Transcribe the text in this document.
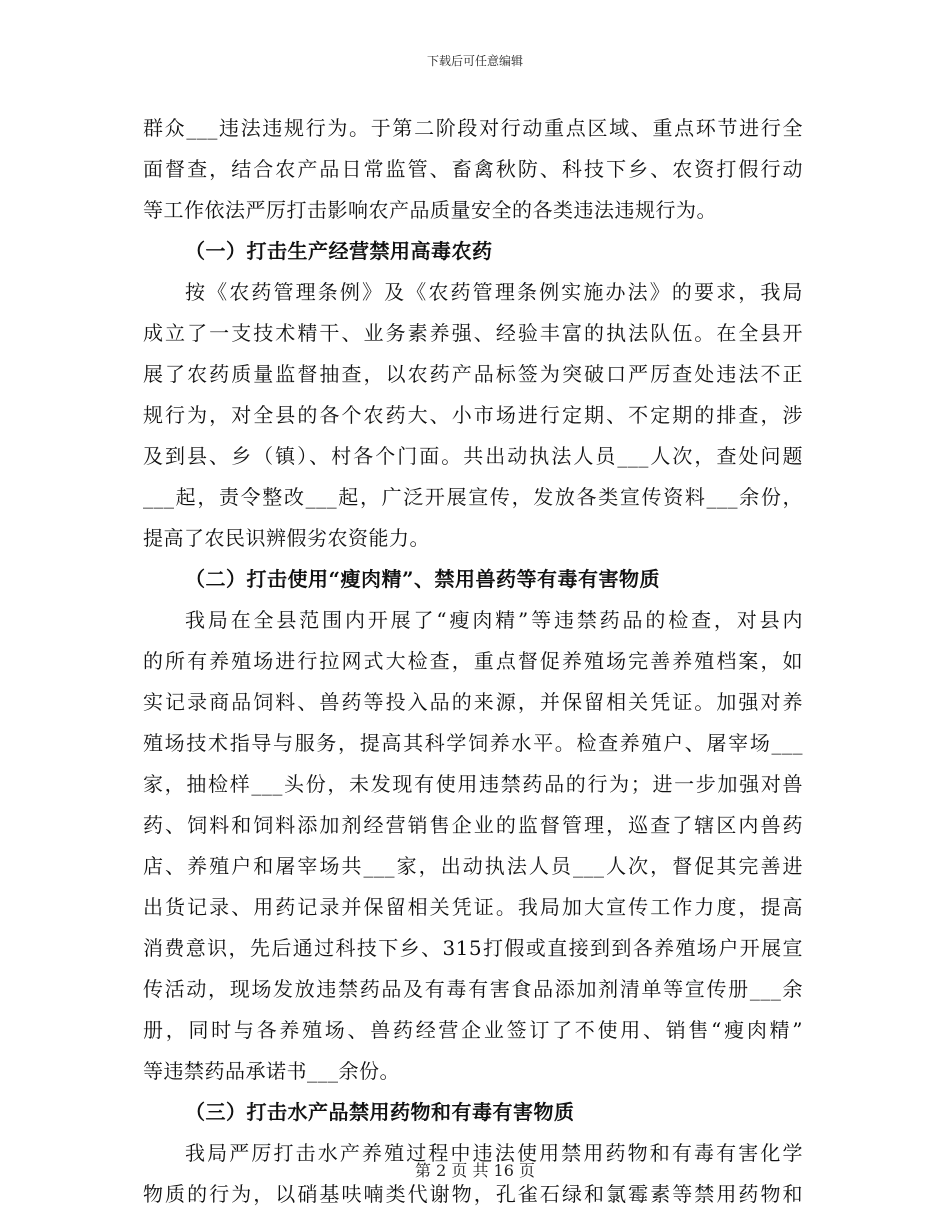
下载后可任意编辑
群众___违法违规行为。于第二阶段对行动重点区域、重点环节进行全
面督查，结合农产品日常监管、畜禽秋防、科技下乡、农资打假行动
等工作依法严厉打击影响农产品质量安全的各类违法违规行为。
（一）打击生产经营禁用高毒农药
按《农药管理条例》及《农药管理条例实施办法》的要求，我局
成立了一支技术精干、业务素养强、经验丰富的执法队伍。在全县开
展了农药质量监督抽查，以农药产品标签为突破口严厉查处违法不正
规行为，对全县的各个农药大、小市场进行定期、不定期的排查，涉
及到县、乡（镇）、村各个门面。共出动执法人员___人次，查处问题
___起，责令整改___起，广泛开展宣传，发放各类宣传资料___余份，
提高了农民识辨假劣农资能力。
（二）打击使用“瘦肉精”、禁用兽药等有毒有害物质
我局在全县范围内开展了“瘦肉精”等违禁药品的检查，对县内
的所有养殖场进行拉网式大检查，重点督促养殖场完善养殖档案，如
实记录商品饲料、兽药等投入品的来源，并保留相关凭证。加强对养
殖场技术指导与服务，提高其科学饲养水平。检查养殖户、屠宰场___
家，抽检样___头份，未发现有使用违禁药品的行为；进一步加强对兽
药、饲料和饲料添加剂经营销售企业的监督管理，巡查了辖区内兽药
店、养殖户和屠宰场共___家，出动执法人员___人次，督促其完善进
出货记录、用药记录并保留相关凭证。我局加大宣传工作力度，提高
消费意识，先后通过科技下乡、315打假或直接到到各养殖场户开展宣
传活动，现场发放违禁药品及有毒有害食品添加剂清单等宣传册___余
册，同时与各养殖场、兽药经营企业签订了不使用、销售“瘦肉精”
等违禁药品承诺书___余份。
（三）打击水产品禁用药物和有毒有害物质
我局严厉打击水产养殖过程中违法使用禁用药物和有毒有害化学
物质的行为，以硝基呋喃类代谢物，孔雀石绿和氯霉素等禁用药物和
第 2 页 共 16 页
